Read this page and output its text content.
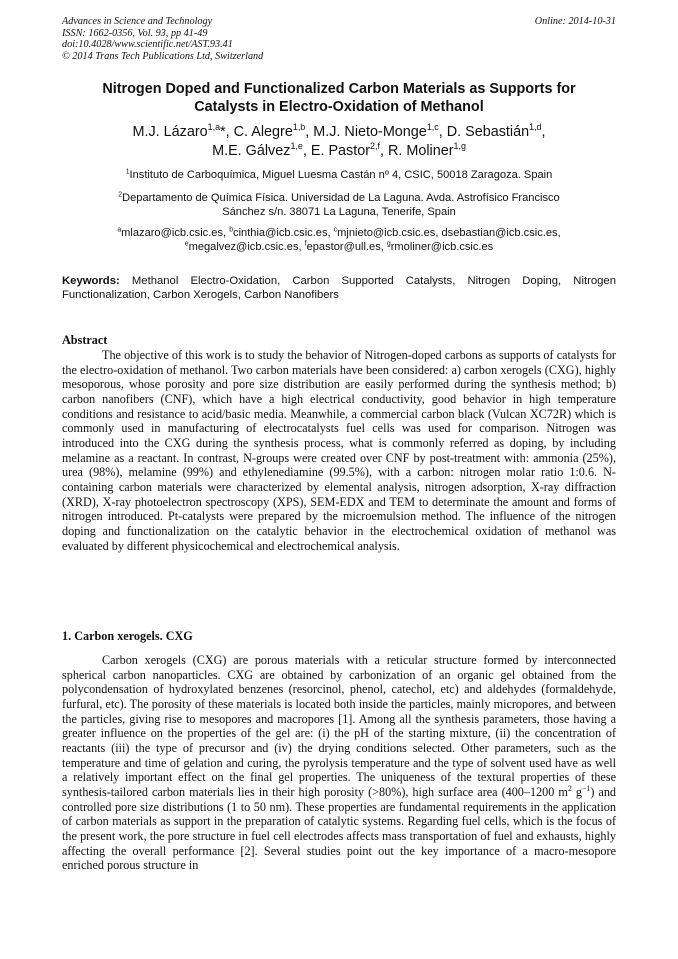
Advances in Science and Technology
ISSN: 1662-0356, Vol. 93, pp 41-49
doi:10.4028/www.scientific.net/AST.93.41
© 2014 Trans Tech Publications Ltd, Switzerland
Online: 2014-10-31
Nitrogen Doped and Functionalized Carbon Materials as Supports for
Catalysts in Electro-Oxidation of Methanol
M.J. Lázaro$^{1,a}$*, C. Alegre$^{1,b}$, M.J. Nieto-Monge$^{1,c}$, D. Sebastián$^{1,d}$,
M.E. Gálvez$^{1,e}$, E. Pastor$^{2,f}$, R. Moliner$^{1,g}$
$^1$Instituto de Carboquímica, Miguel Luesma Castán nº 4, CSIC, 50018 Zaragoza. Spain
$^2$Departamento de Química Física. Universidad de La Laguna. Avda. Astrofísico Francisco
Sánchez s/n. 38071 La Laguna, Tenerife, Spain
$^a$mlazaro@icb.csic.es, $^b$cinthia@icb.csic.es, $^c$mjnieto@icb.csic.es, dsebastian@icb.csic.es,
$^e$megalvez@icb.csic.es, $^f$epastor@ull.es, $^g$rmoliner@icb.csic.es
Keywords: Methanol Electro-Oxidation, Carbon Supported Catalysts, Nitrogen Doping, Nitrogen Functionalization, Carbon Xerogels, Carbon Nanofibers
Abstract
The objective of this work is to study the behavior of Nitrogen-doped carbons as supports of catalysts for the electro-oxidation of methanol. Two carbon materials have been considered: a) carbon xerogels (CXG), highly mesoporous, whose porosity and pore size distribution are easily performed during the synthesis method; b) carbon nanofibers (CNF), which have a high electrical conductivity, good behavior in high temperature conditions and resistance to acid/basic media. Meanwhile, a commercial carbon black (Vulcan XC72R) which is commonly used in manufacturing of electrocatalysts fuel cells was used for comparison. Nitrogen was introduced into the CXG during the synthesis process, what is commonly referred as doping, by including melamine as a reactant. In contrast, N-groups were created over CNF by post-treatment with: ammonia (25%), urea (98%), melamine (99%) and ethylenediamine (99.5%), with a carbon: nitrogen molar ratio 1:0.6. N-containing carbon materials were characterized by elemental analysis, nitrogen adsorption, X-ray diffraction (XRD), X-ray photoelectron spectroscopy (XPS), SEM-EDX and TEM to determinate the amount and forms of nitrogen introduced. Pt-catalysts were prepared by the microemulsion method. The influence of the nitrogen doping and functionalization on the catalytic behavior in the electrochemical oxidation of methanol was evaluated by different physicochemical and electrochemical analysis.
1. Carbon xerogels. CXG
Carbon xerogels (CXG) are porous materials with a reticular structure formed by interconnected spherical carbon nanoparticles. CXG are obtained by carbonization of an organic gel obtained from the polycondensation of hydroxylated benzenes (resorcinol, phenol, catechol, etc) and aldehydes (formaldehyde, furfural, etc). The porosity of these materials is located both inside the particles, mainly micropores, and between the particles, giving rise to mesopores and macropores [1]. Among all the synthesis parameters, those having a greater influence on the properties of the gel are: (i) the pH of the starting mixture, (ii) the concentration of reactants (iii) the type of precursor and (iv) the drying conditions selected. Other parameters, such as the temperature and time of gelation and curing, the pyrolysis temperature and the type of solvent used have as well a relatively important effect on the final gel properties. The uniqueness of the textural properties of these synthesis-tailored carbon materials lies in their high porosity (>80%), high surface area (400–1200 $m^2$ $g^{-1}$) and controlled pore size distributions (1 to 50 nm). These properties are fundamental requirements in the application of carbon materials as support in the preparation of catalytic systems. Regarding fuel cells, which is the focus of the present work, the pore structure in fuel cell electrodes affects mass transportation of fuel and exhausts, highly affecting the overall performance [2]. Several studies point out the key importance of a macro-mesopore enriched porous structure in
